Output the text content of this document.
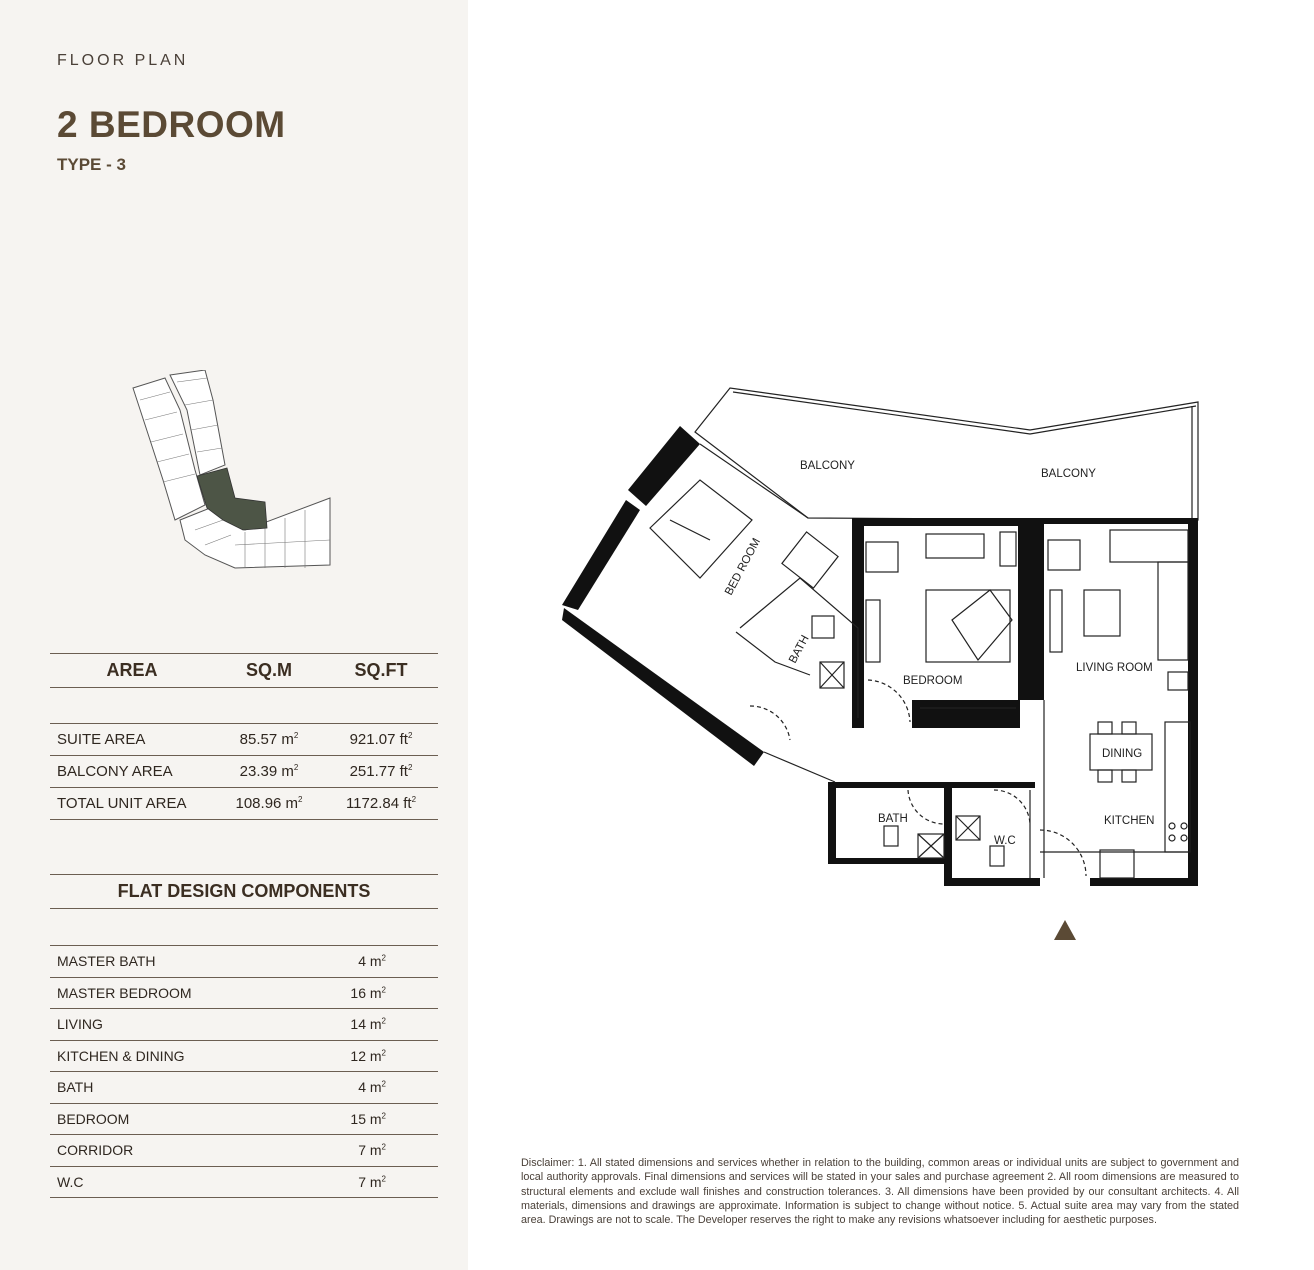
FLOOR PLAN
2 BEDROOM
TYPE - 3
AREA	SQ.M	SQ.FT

SUITE AREA	85.57 $m^2$	921.07 $ft^2$
BALCONY AREA	23.39 $m^2$	251.77 $ft^2$
TOTAL UNIT AREA	108.96 $m^2$	1172.84 $ft^2$
FLAT DESIGN COMPONENTS	

MASTER BATH	4 $m^2$
MASTER BEDROOM	16 $m^2$
LIVING	14 $m^2$
KITCHEN & DINING	12 $m^2$
BATH	4 $m^2$
BEDROOM	15 $m^2$
CORRIDOR	7 $m^2$
W.C	7 $m^2$
BALCONY
BALCONY
BED ROOM
BATH
BEDROOM
LIVING ROOM
DINING
KITCHEN
BATH
W.C
Disclaimer: 1. All stated dimensions and services whether in relation to the building, common areas or individual units are subject to government and local authority approvals. Final dimensions and services will be stated in your sales and purchase agreement 2. All room dimensions are measured to structural elements and exclude wall finishes and construction tolerances. 3. All dimensions have been provided by our consultant architects. 4. All materials, dimensions and drawings are approximate. Information is subject to change without notice. 5. Actual suite area may vary from the stated area. Drawings are not to scale. The Developer reserves the right to make any revisions whatsoever including for aesthetic purposes.
